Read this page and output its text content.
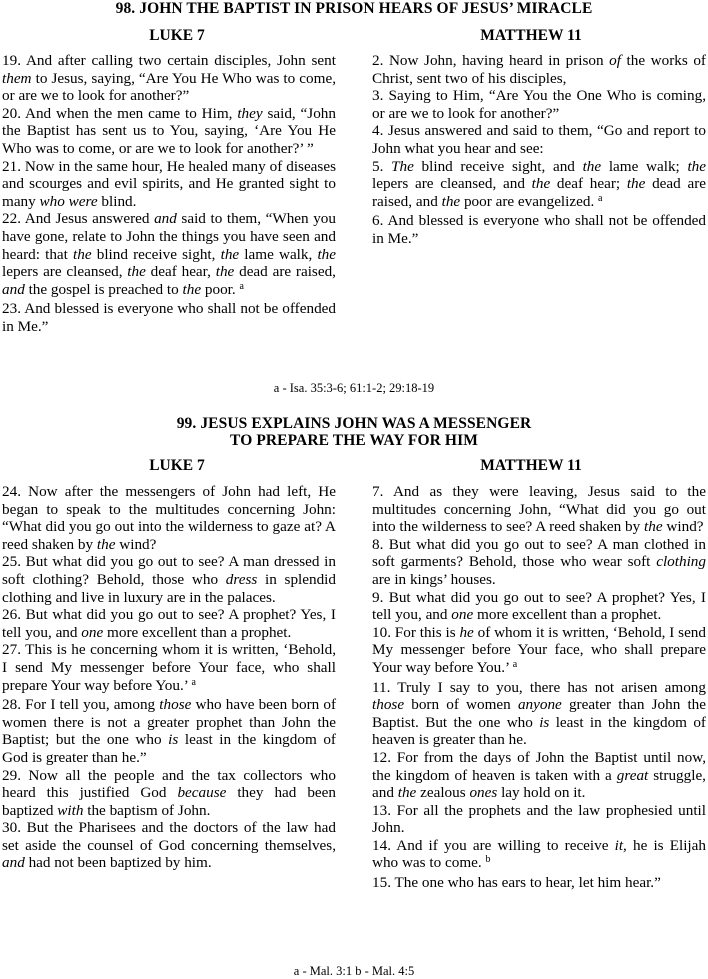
98. JOHN THE BAPTIST IN PRISON HEARS OF JESUS’ MIRACLE
LUKE 7	MATTHEW 11

19. And after calling two certain disciples, John sent them to Jesus, saying, “Are You He Who was to come, or are we to look for another?”

20. And when the men came to Him, they said, “John the Baptist has sent us to You, saying, ‘Are You He Who was to come, or are we to look for another?’ ”

21. Now in the same hour, He healed many of diseases and scourges and evil spirits, and He granted sight to many who were blind.

22. And Jesus answered and said to them, “When you have gone, relate to John the things you have seen and heard: that the blind receive sight, the lame walk, the lepers are cleansed, the deaf hear, the dead are raised, and the gospel is preached to the poor. $^a$

23. And blessed is everyone who shall not be offended in Me.”

2. Now John, having heard in prison of the works of Christ, sent two of his disciples,

3. Saying to Him, “Are You the One Who is coming, or are we to look for another?”

4. Jesus answered and said to them, “Go and report to John what you hear and see:

5. The blind receive sight, and the lame walk; the lepers are cleansed, and the deaf hear; the dead are raised, and the poor are evangelized. $^a$

6. And blessed is everyone who shall not be offended in Me.”

a - Isa. 35:3-6; 61:1-2; 29:18-19
99. JESUS EXPLAINS JOHN WAS A MESSENGER
TO PREPARE THE WAY FOR HIM
LUKE 7	MATTHEW 11

24. Now after the messengers of John had left, He began to speak to the multitudes concerning John: “What did you go out into the wilderness to gaze at? A reed shaken by the wind?

25. But what did you go out to see? A man dressed in soft clothing? Behold, those who dress in splendid clothing and live in luxury are in the palaces.

26. But what did you go out to see? A prophet? Yes, I tell you, and one more excellent than a prophet.

27. This is he concerning whom it is written, ‘Behold, I send My messenger before Your face, who shall prepare Your way before You.’ $^a$

28. For I tell you, among those who have been born of women there is not a greater prophet than John the Baptist; but the one who is least in the kingdom of God is greater than he.”

29. Now all the people and the tax collectors who heard this justified God because they had been baptized with the baptism of John.

30. But the Pharisees and the doctors of the law had set aside the counsel of God concerning themselves, and had not been baptized by him.

7. And as they were leaving, Jesus said to the multitudes concerning John, “What did you go out into the wilderness to see? A reed shaken by the wind?

8. But what did you go out to see? A man clothed in soft garments? Behold, those who wear soft clothing are in kings’ houses.

9. But what did you go out to see? A prophet? Yes, I tell you, and one more excellent than a prophet.

10. For this is he of whom it is written, ‘Behold, I send My messenger before Your face, who shall prepare Your way before You.’ $^a$

11. Truly I say to you, there has not arisen among those born of women anyone greater than John the Baptist. But the one who is least in the kingdom of heaven is greater than he.

12. For from the days of John the Baptist until now, the kingdom of heaven is taken with a great struggle, and the zealous ones lay hold on it.

13. For all the prophets and the law prophesied until John.

14. And if you are willing to receive it, he is Elijah who was to come. $^b$

15. The one who has ears to hear, let him hear.”

a - Mal. 3:1 b - Mal. 4:5
